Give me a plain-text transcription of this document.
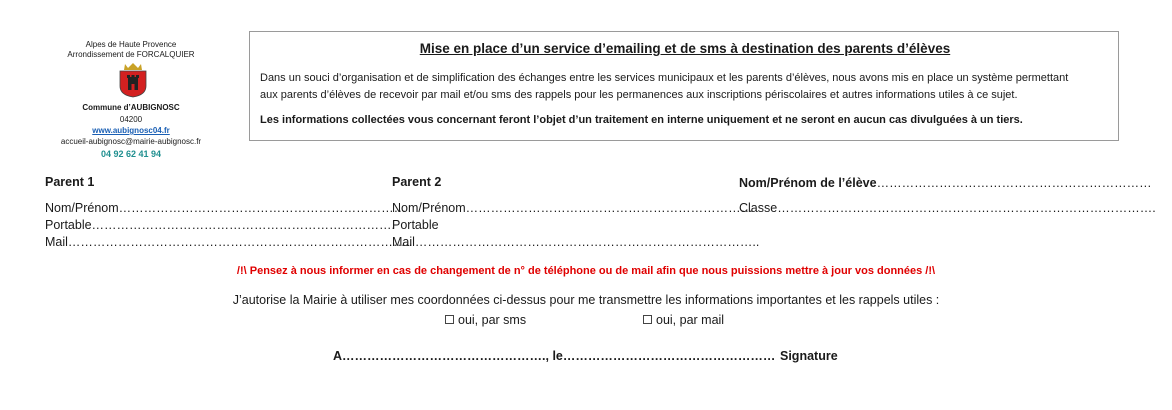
Alpes de Haute Provence
Arrondissement de FORCALQUIER
Commune d’AUBIGNOSC
04200
www.aubignosc04.fr
accueil-aubignosc@mairie-aubignosc.fr
04 92 62 41 94
Mise en place d’un service d’emailing et de sms à destination des parents d’élèves
Dans un souci d’organisation et de simplification des échanges entre les services municipaux et les parents d’élèves, nous avons mis en place un système permettant
aux parents d’élèves de recevoir par mail et/ou sms des rappels pour les permanences aux inscriptions périscolaires et autres informations utiles à ce sujet.
Les informations collectées vous concernant feront l’objet d’un traitement en interne uniquement et ne seront en aucun cas divulguées à un tiers.
Parent 1
Nom/Prénom……………………………………………………………
Portable……………………………………………………………….
Mail………………………………………………………………………..
Parent 2
Nom/Prénom……………………………………………………………
Portable
Mail………………………………………………………………………..
Nom/Prénom de l’élève…………………………………………………………
Classe……………………………………………………………………………….
/!\ Pensez à nous informer en cas de changement de n° de téléphone ou de mail afin que nous puissions mettre à jour vos données /!\
J’autorise la Mairie à utiliser mes coordonnées ci-dessus pour me transmettre les informations importantes et les rappels utiles :
oui, par sms	oui, par mail
A…………………………………………., le…………………………………………… Signature
